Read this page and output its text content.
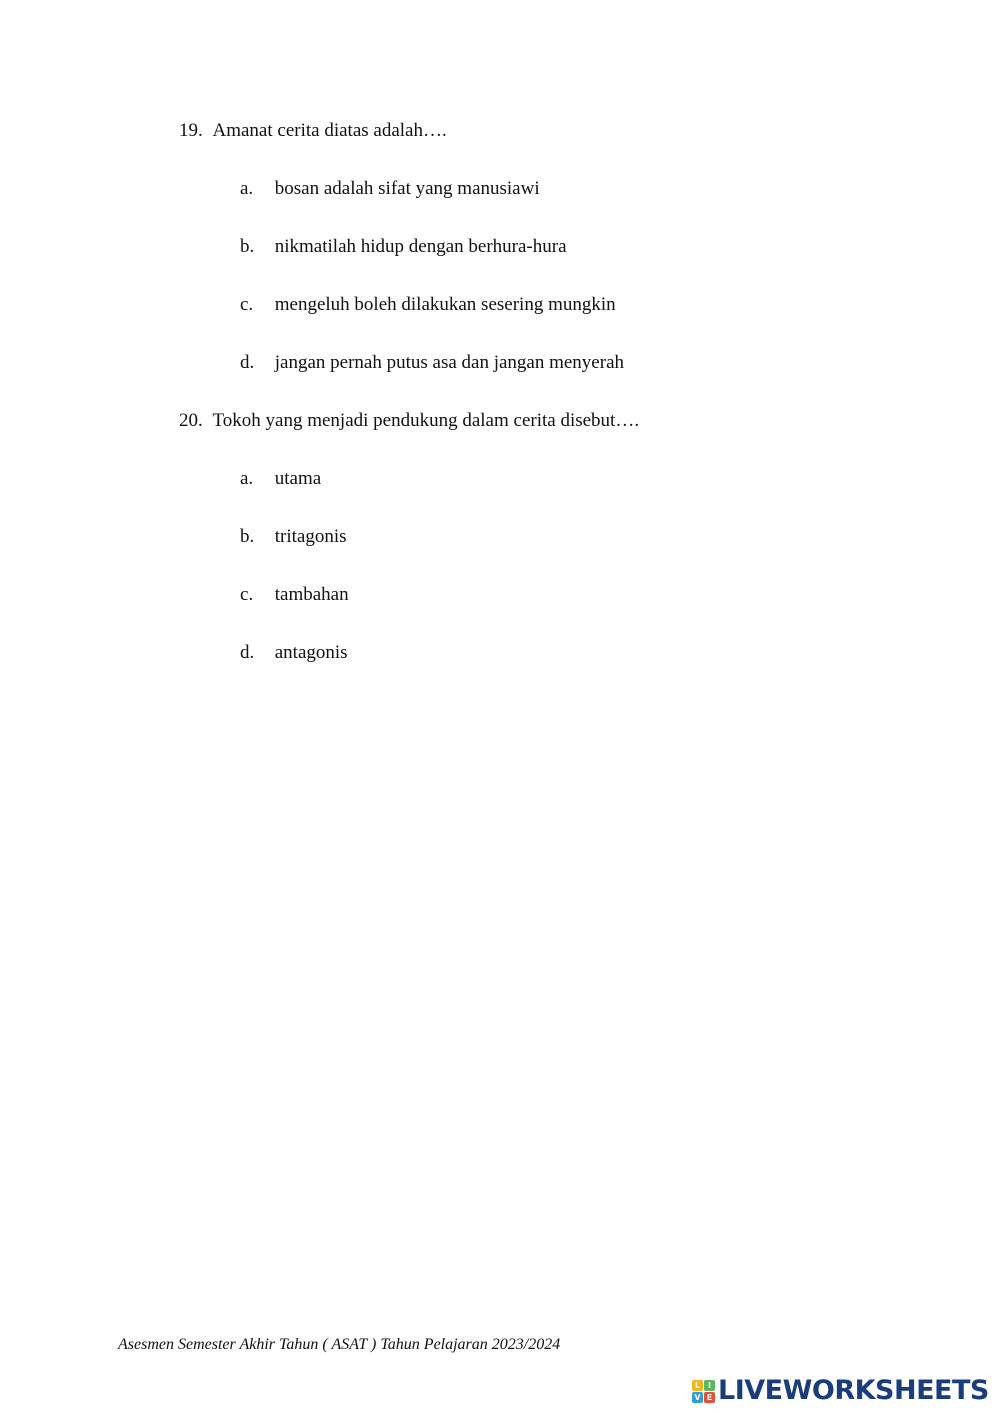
19. Amanat cerita diatas adalah….
a. bosan adalah sifat yang manusiawi
b. nikmatilah hidup dengan berhura-hura
c. mengeluh boleh dilakukan sesering mungkin
d. jangan pernah putus asa dan jangan menyerah
20. Tokoh yang menjadi pendukung dalam cerita disebut….
a. utama
b. tritagonis
c. tambahan
d. antagonis
Asesmen Semester Akhir Tahun ( ASAT ) Tahun Pelajaran 2023/2024
L I
V E LIVEWORKSHEETS
